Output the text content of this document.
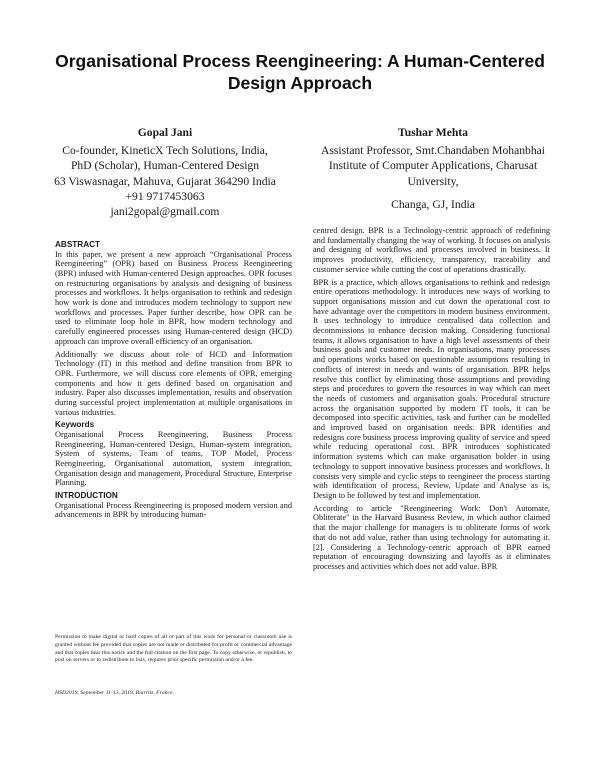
Organisational Process Reengineering: A Human-Centered Design Approach
Gopal Jani
Co-founder, KineticX Tech Solutions, India,
PhD (Scholar), Human-Centered Design
63 Viswasnagar, Mahuva, Gujarat 364290 India
+91 9717453063
jani2gopal@gmail.com
Tushar Mehta
Assistant Professor, Smt.Chandaben Mohanbhai
Institute of Computer Applications, Charusat
University,
Changa, GJ, India
ABSTRACT

In this paper, we present a new approach “Organisational Process Reengineering” (OPR) based on Business Process Reengineering (BPR) infused with Human-centered Design approaches. OPR focuses on restructuring organisations by analysis and designing of business processes and workflows. It helps organisation to rethink and redesign how work is done and introduces modern technology to support new workflows and processes. Paper further describe, how OPR can be used to eliminate loop hole in BPR, how modern technology and carefully engineered processes using Human-centered design (HCD) approach can improve overall efficiency of an organisation.

Additionally we discuss about role of HCD and Information Technology (IT) in this method and define transition from BPR to OPR. Furthermore, we will discuss core elements of OPR, emerging components and how it gets defined based on organisation and industry. Paper also discusses implementation, results and observation during successful project implementation at multiple organisations in various industries.

Keywords

Organisational Process Reengineering, Business Process Reengineering, Human-centered Design, Human-system integration, System of systems, Team of teams, TOP Model, Process Reengineering, Organisational automation, system integration, Organisation design and management, Procedural Structure, Enterprise Planning.

INTRODUCTION

Organisational Process Reengineering is proposed modern version and advancements in BPR by introducing human-

Permission to make digital or hard copies of all or part of this work for personal or classroom use is granted without fee provided that copies are not made or distributed for profit or commercial advantage and that copies bear this notice and the full citation on the first page. To copy otherwise, or republish, to post on servers or to redistribute to lists, requires prior specific permission and/or a fee.

HSD2019, September 11-13, 2019, Biarritz, France.

centred design. BPR is a Technology-centric approach of redefining and fundamentally changing the way of working. It focuses on analysis and designing of workflows and processes involved in business. It improves productivity, efficiency, transparency, traceability and customer service while cutting the cost of operations drastically.

BPR is a practice, which allows organisations to rethink and redesign entire operations methodology. It introduces new ways of working to support organisations mission and cut down the operational cost to have advantage over the competitors in modern business environment. It uses technology to introduce centralised data collection and decommissions to enhance decision making. Considering functional teams, it allows organisation to have a high level assessments of their business goals and customer needs. In organisations, many processes and operations works based on questionable assumptions resulting in conflicts of interest in needs and wants of organisation. BPR helps resolve this conflict by eliminating those assumptions and providing steps and procedures to govern the resources in way which can meet the needs of customers and organisation goals. Procedural structure across the organisation supported by modern IT tools, it can be decomposed into specific activities, task and further can be modelled and improved based on organisation needs. BPR identifies and redesigns core business process improving quality of service and speed while reducing operational cost. BPR introduces sophisticated information systems which can make organisation bolder in using technology to support innovative business processes and workflows. It consists very simple and cyclic steps to reengineer the process starting with identification of process, Review, Update and Analyse as is, Design to be followed by test and implementation.

According to article "Reengineering Work: Don't Automate, Obliterate" in the Harvard Business Review, in which author claimed that the major challenge for managers is to obliterate forms of work that do not add value, rather than using technology for automating it.[2]. Considering a Technology-centric approach of BPR earned reputation of encouraging downsizing and layoffs as it eliminates processes and activities which does not add value. BPR
